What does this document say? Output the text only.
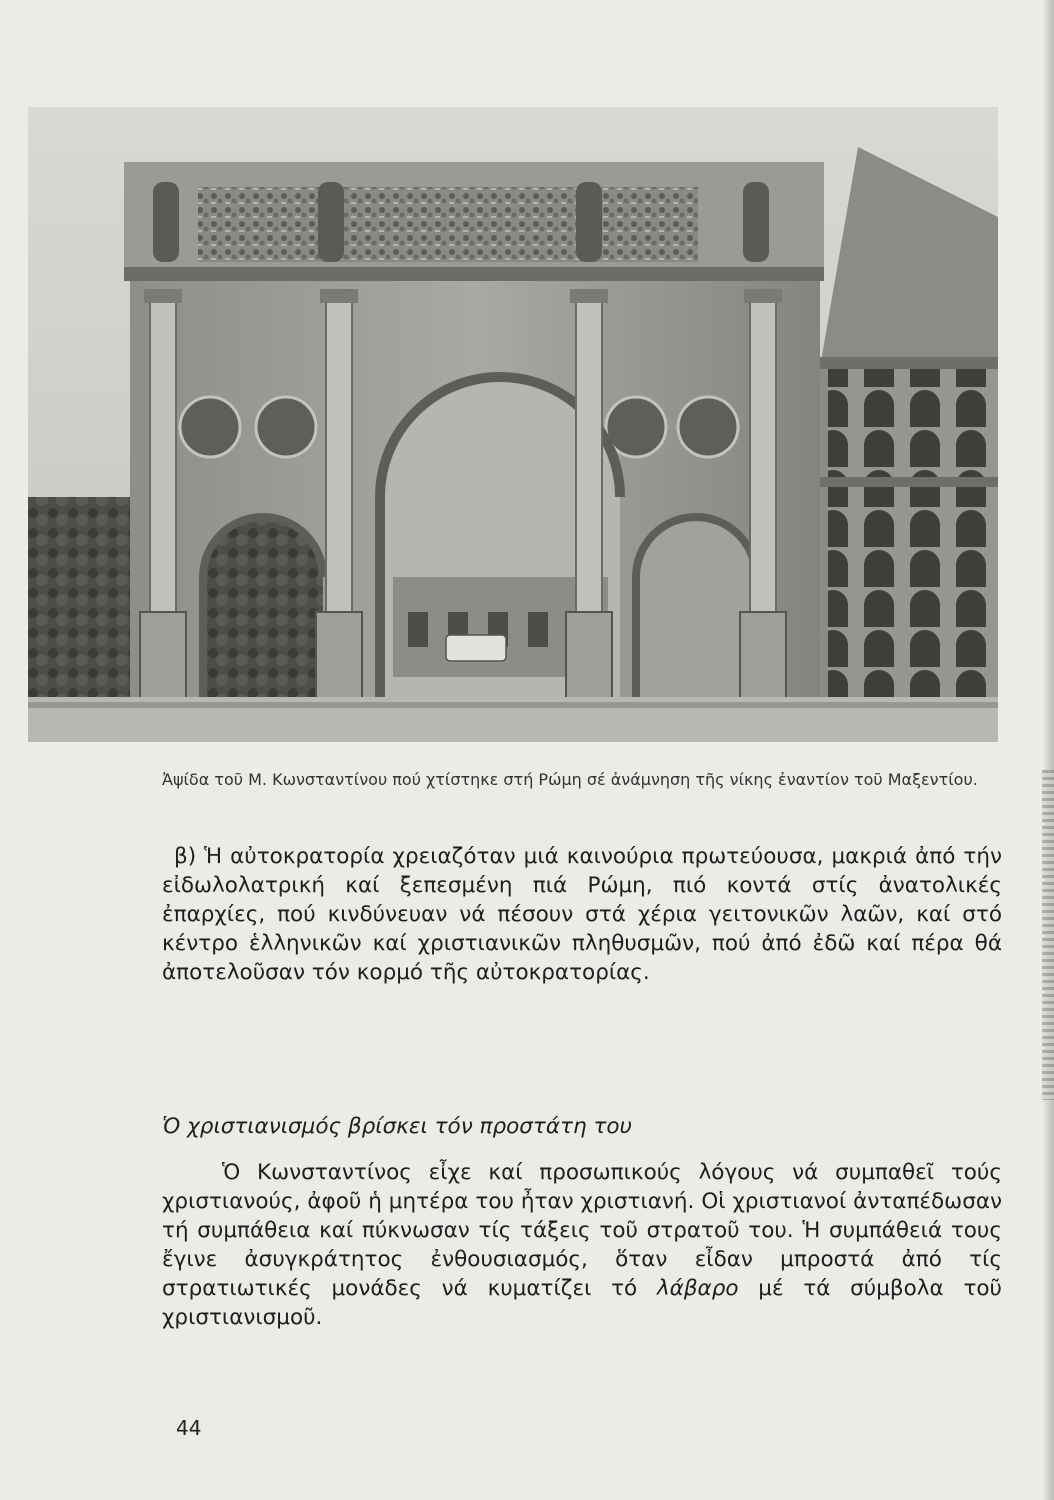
Ἀψίδα τοῦ Μ. Κωνσταντίνου πού χτίστηκε στή Ρώμη σέ ἀνάμνηση τῆς νίκης ἐναντίον τοῦ Μαξεντίου.

β) Ἡ αὐτοκρατορία χρειαζόταν μιά καινούρια πρωτεύουσα, μακριά ἀπό τήν εἰδωλολατρική καί ξεπεσμένη πιά Ρώμη, πιό κοντά στίς ἀνατολικές ἐπαρχίες, πού κινδύνευαν νά πέσουν στά χέρια γειτονικῶν λαῶν, καί στό κέντρο ἑλληνικῶν καί χριστιανικῶν πληθυσμῶν, πού ἀπό ἐδῶ καί πέρα θά ἀποτελοῦσαν τόν κορμό τῆς αὐτοκρατορίας.

Ὁ χριστιανισμός βρίσκει τόν προστάτη του

Ὁ Κωνσταντίνος εἶχε καί προσωπικούς λόγους νά συμπαθεῖ τούς χριστιανούς, ἀφοῦ ἡ μητέρα του ἦταν χριστιανή. Οἱ χριστιανοί ἀνταπέδωσαν τή συμπάθεια καί πύκνωσαν τίς τάξεις τοῦ στρατοῦ του. Ἡ συμπάθειά τους ἔγινε ἀσυγκράτητος ἐνθουσιασμός, ὅταν εἶδαν μπροστά ἀπό τίς στρατιωτικές μονάδες νά κυματίζει τό λάβαρο μέ τά σύμβολα τοῦ χριστιανισμοῦ.

44
